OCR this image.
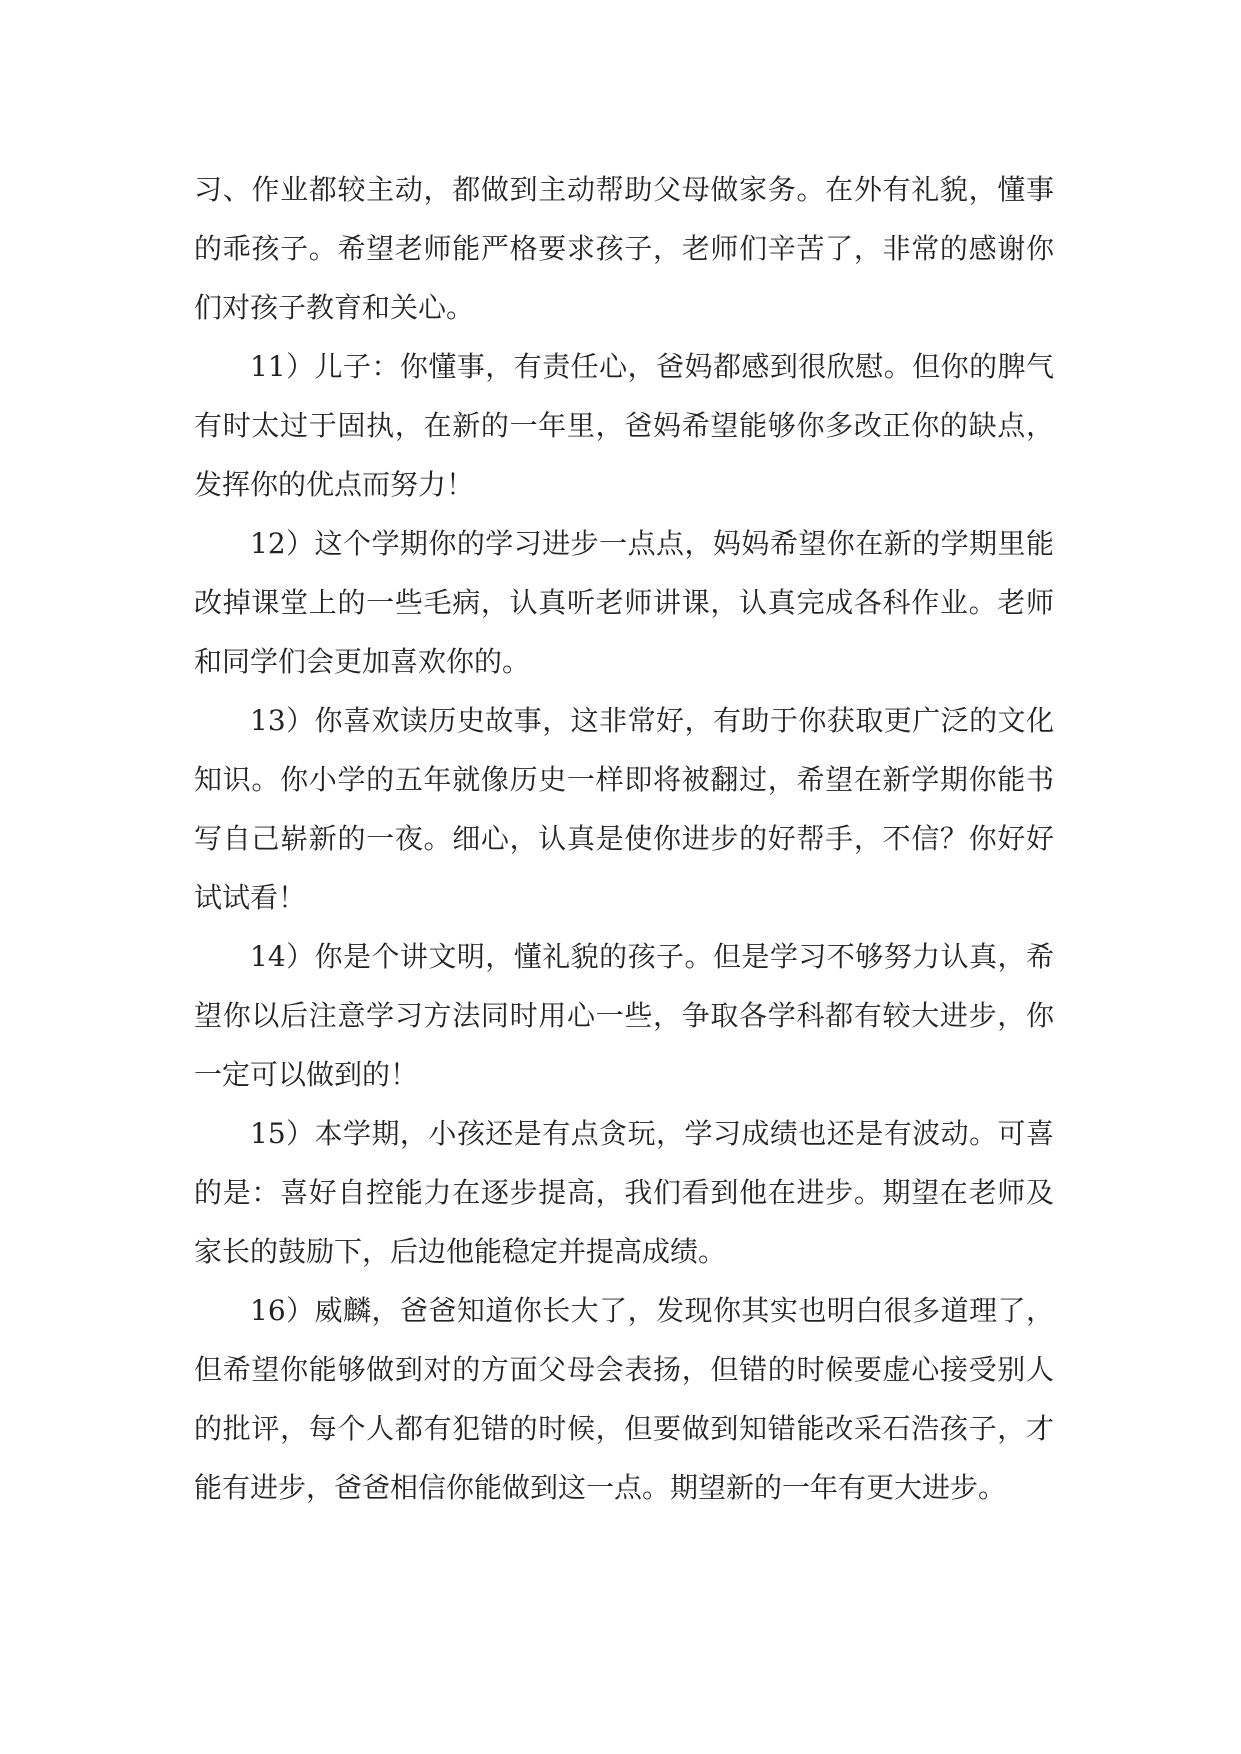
习、作业都较主动，都做到主动帮助父母做家务。在外有礼貌，懂事的乖孩子。希望老师能严格要求孩子，老师们辛苦了，非常的感谢你们对孩子教育和关心。

11）儿子：你懂事，有责任心，爸妈都感到很欣慰。但你的脾气有时太过于固执，在新的一年里，爸妈希望能够你多改正你的缺点，发挥你的优点而努力！

12）这个学期你的学习进步一点点，妈妈希望你在新的学期里能改掉课堂上的一些毛病，认真听老师讲课，认真完成各科作业。老师和同学们会更加喜欢你的。

13）你喜欢读历史故事，这非常好，有助于你获取更广泛的文化知识。你小学的五年就像历史一样即将被翻过，希望在新学期你能书写自己崭新的一夜。细心，认真是使你进步的好帮手，不信？你好好试试看！

14）你是个讲文明，懂礼貌的孩子。但是学习不够努力认真，希望你以后注意学习方法同时用心一些，争取各学科都有较大进步，你一定可以做到的！

15）本学期，小孩还是有点贪玩，学习成绩也还是有波动。可喜的是：喜好自控能力在逐步提高，我们看到他在进步。期望在老师及家长的鼓励下，后边他能稳定并提高成绩。

16）威麟，爸爸知道你长大了，发现你其实也明白很多道理了，但希望你能够做到对的方面父母会表扬，但错的时候要虚心接受别人的批评，每个人都有犯错的时候，但要做到知错能改采石浩孩子，才能有进步，爸爸相信你能做到这一点。期望新的一年有更大进步。
